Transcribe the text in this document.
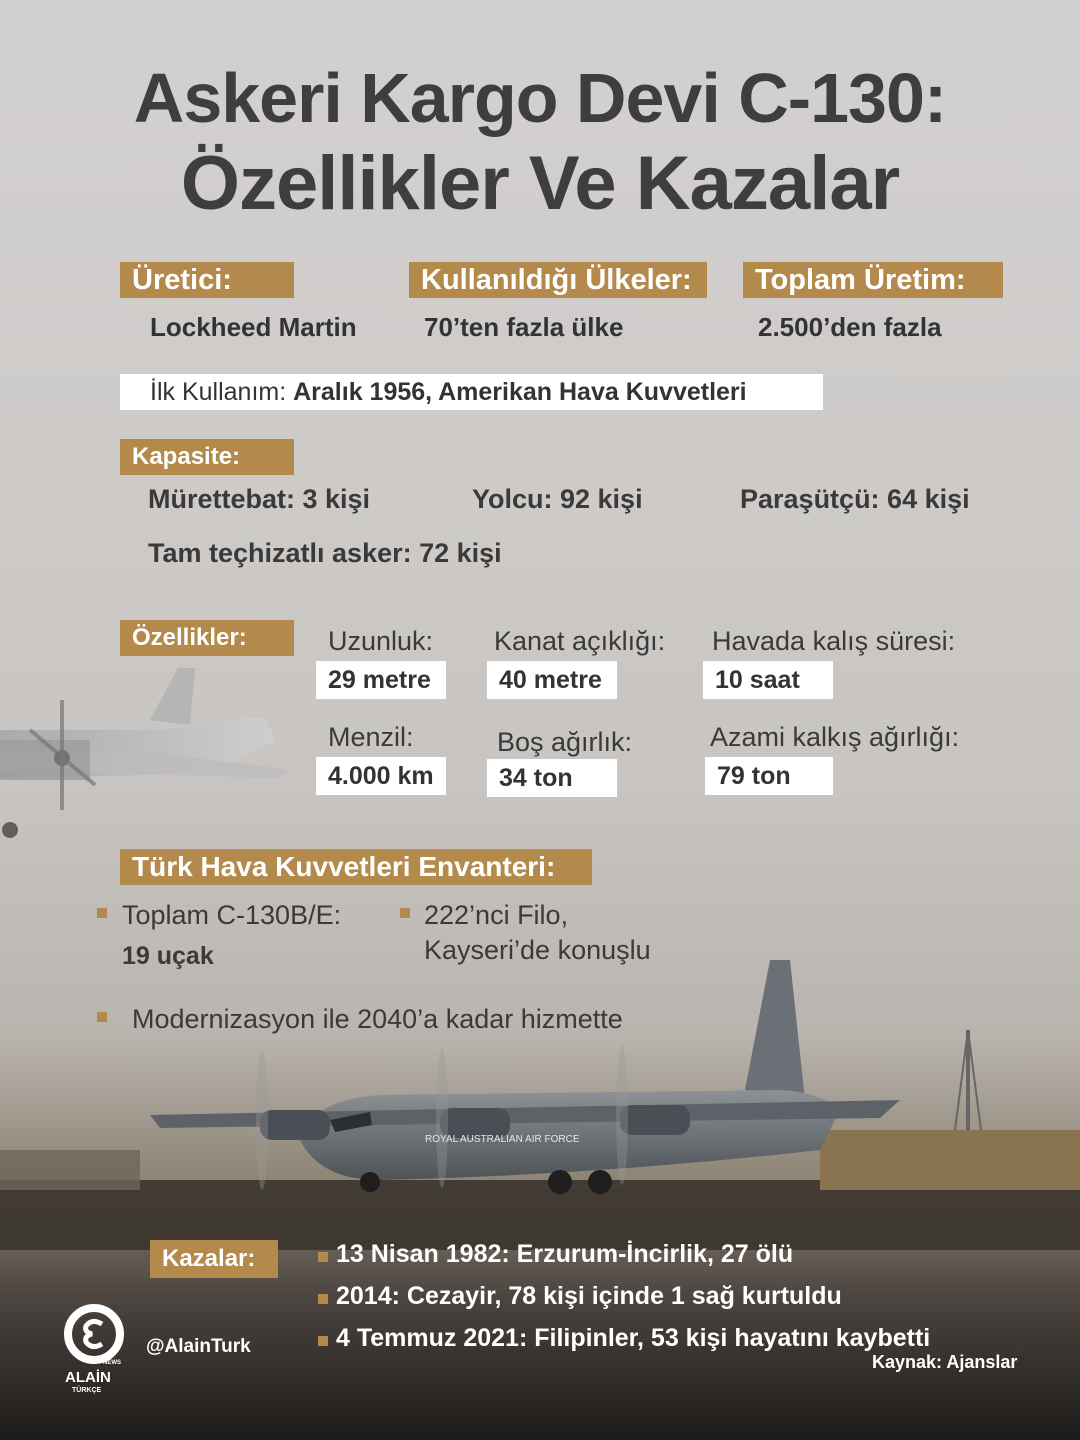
Askeri Kargo Devi C-130:
Özellikler Ve Kazalar
Üretici:
Lockheed Martin
Kullanıldığı Ülkeler:
70’ten fazla ülke
Toplam Üretim:
2.500’den fazla
İlk Kullanım: Aralık 1956, Amerikan Hava Kuvvetleri
Kapasite:
Mürettebat: 3 kişi	Yolcu: 92 kişi	Paraşütçü: 64 kişi
Tam teçhizatlı asker: 72 kişi
Özellikler:	Uzunluk:
29 metre
Kanat açıklığı:
40 metre
Havada kalış süresi:
10 saat
Menzil:
4.000 km
Boş ağırlık:
34 ton
Azami kalkış ağırlığı:
79 ton
Türk Hava Kuvvetleri Envanteri:
Toplam C-130B/E:
19 uçak
222’nci Filo,
Kayseri’de konuşlu
Modernizasyon ile 2040’a kadar hizmette
ROYAL AUSTRALIAN AIR FORCE
Kazalar:	13 Nisan 1982: Erzurum-İncirlik, 27 ölü
2014: Cezayir, 78 kişi içinde 1 sağ kurtuldu
4 Temmuz 2021: Filipinler, 53 kişi hayatını kaybetti
ALAİN
NEWS
TÜRKÇE
@AlainTurk
Kaynak: Ajanslar
